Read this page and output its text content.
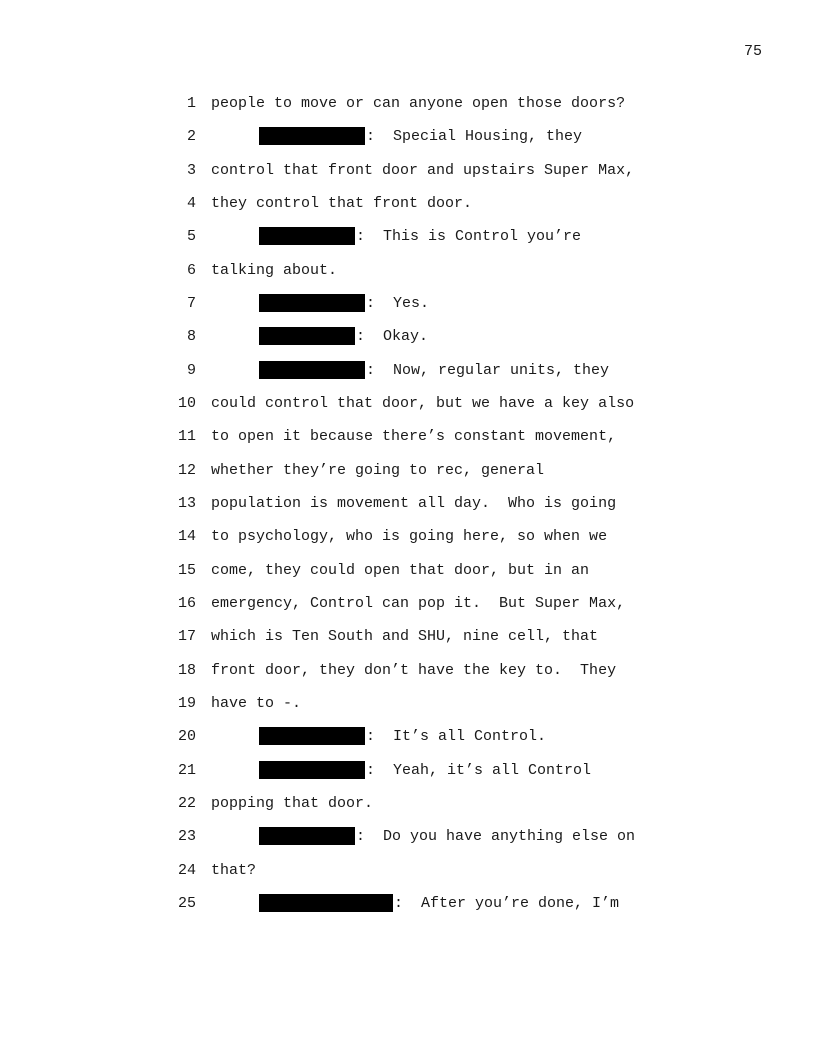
75
1 people to move or can anyone open those doors?
2	:  Special Housing, they
3 control that front door and upstairs Super Max,
4 they control that front door.
5	:  This is Control you’re
6 talking about.
7	:  Yes.
8	:  Okay.
9	:  Now, regular units, they
10 could control that door, but we have a key also
11 to open it because there’s constant movement,
12 whether they’re going to rec, general
13 population is movement all day.  Who is going
14 to psychology, who is going here, so when we
15 come, they could open that door, but in an
16 emergency, Control can pop it.  But Super Max,
17 which is Ten South and SHU, nine cell, that
18 front door, they don’t have the key to.  They
19 have to -.
20	:  It’s all Control.
21	:  Yeah, it’s all Control
22 popping that door.
23	:  Do you have anything else on
24 that?
25	:  After you’re done, I’m
